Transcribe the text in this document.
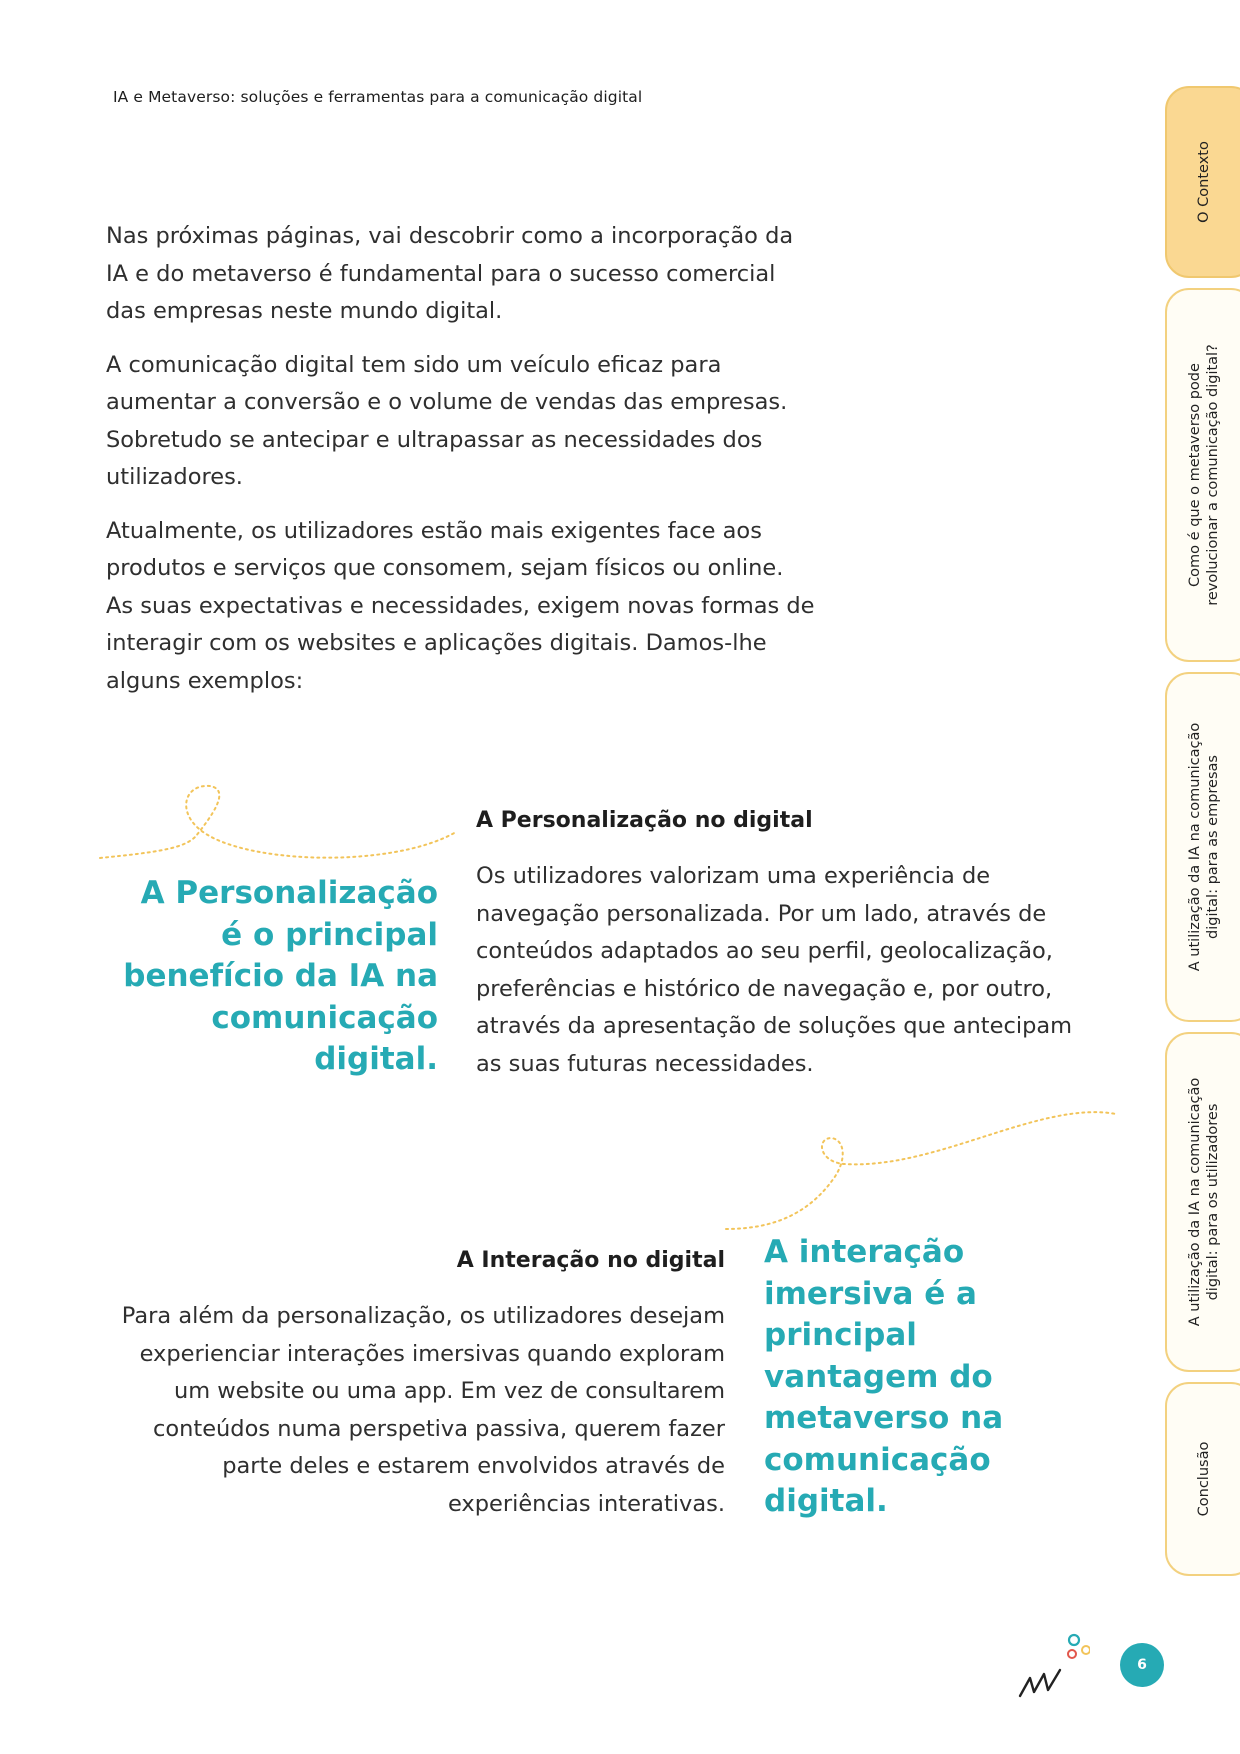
IA e Metaverso: soluções e ferramentas para a comunicação digital

Nas próximas páginas, vai descobrir como a incorporação da IA e do metaverso é fundamental para o sucesso comercial das empresas neste mundo digital.

A comunicação digital tem sido um veículo eficaz para aumentar a conversão e o volume de vendas das empresas. Sobretudo se antecipar e ultrapassar as necessidades dos utilizadores.

Atualmente, os utilizadores estão mais exigentes face aos produtos e serviços que consomem, sejam físicos ou online. As suas expectativas e necessidades, exigem novas formas de interagir com os websites e aplicações digitais. Damos-lhe alguns exemplos:

A Personalização é o principal benefício da IA na comunicação digital.

A Personalização no digital

Os utilizadores valorizam uma experiência de navegação personalizada. Por um lado, através de conteúdos adaptados ao seu perfil, geolocalização, preferências e histórico de navegação e, por outro, através da apresentação de soluções que antecipam as suas futuras necessidades.

A Interação no digital

Para além da personalização, os utilizadores desejam experienciar interações imersivas quando exploram um website ou uma app. Em vez de consultarem conteúdos numa perspetiva passiva, querem fazer parte deles e estarem envolvidos através de experiências interativas.

A interação imersiva é a principal vantagem do metaverso na comunicação digital.

O Contexto
Como é que o metaverso pode revolucionar a comunicação digital?
A utilização da IA na comunicação digital: para as empresas
A utilização da IA na comunicação digital: para os utilizadores
Conclusão
6
